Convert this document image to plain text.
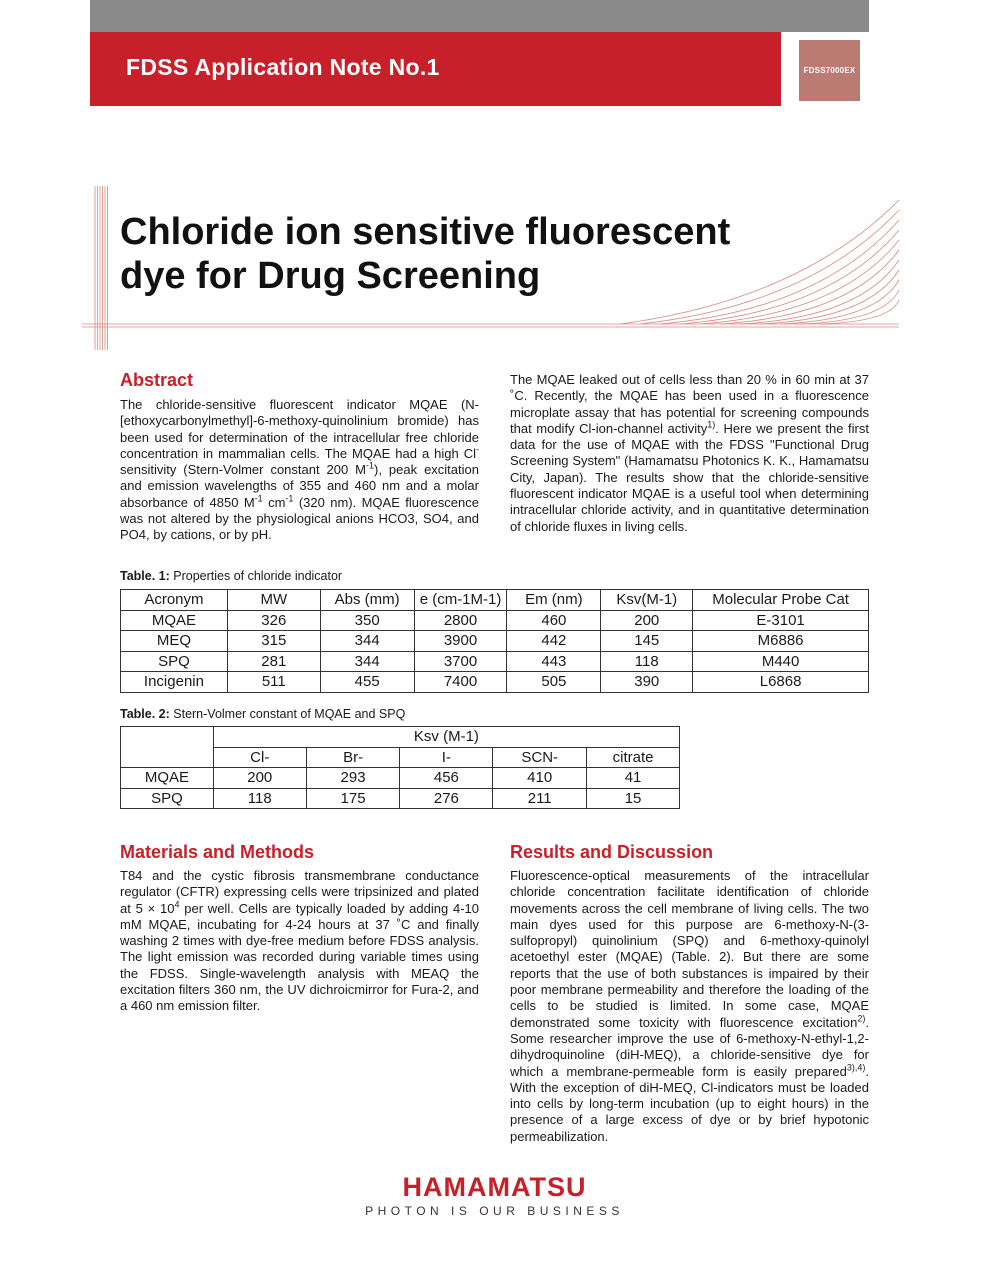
FDSS Application Note No.1	FDSS7000EX
Chloride ion sensitive fluorescent
dye for Drug Screening
Abstract

The chloride-sensitive fluorescent indicator MQAE (N-[ethoxycarbonylmethyl]-6-methoxy-quinolinium bromide) has been used for determination of the intracellular free chloride concentration in mammalian cells. The MQAE had a high Cl- sensitivity (Stern-Volmer constant 200 $M^{-1}$), peak excitation and emission wavelengths of 355 and 460 nm and a molar absorbance of 4850 $M^{-1}$ $cm^{-1}$ (320 nm). MQAE fluorescence was not altered by the physiological anions HCO3, SO4, and PO4, by cations, or by pH.

The MQAE leaked out of cells less than 20 % in 60 min at 37 ˚C. Recently, the MQAE has been used in a fluorescence microplate assay that has potential for screening compounds that modify Cl-ion-channel activity$^{1)}$. Here we present the first data for the use of MQAE with the FDSS "Functional Drug Screening System" (Hamamatsu Photonics K. K., Hamamatsu City, Japan). The results show that the chloride-sensitive fluorescent indicator MQAE is a useful tool when determining intracellular chloride activity, and in quantitative determination of chloride fluxes in living cells.

Table. 1: Properties of chloride indicator

Acronym	MW	Abs (mm)	e (cm-1M-1)	Em (nm)	Ksv(M-1)	Molecular Probe Cat
MQAE	326	350	2800	460	200	E-3101
MEQ	315	344	3900	442	145	M6886
SPQ	281	344	3700	443	118	M440
Incigenin	511	455	7400	505	390	L6868

Table. 2: Stern-Volmer constant of MQAE and SPQ

	Ksv (M-1)				
	Cl-	Br-	I-	SCN-	citrate
MQAE	200	293	456	410	41
SPQ	118	175	276	211	15
Materials and Methods

T84 and the cystic fibrosis transmembrane conductance regulator (CFTR) expressing cells were tripsinized and plated at $5 \times 10^4$ per well. Cells are typically loaded by adding 4-10 mM MQAE, incubating for 4-24 hours at 37 ˚C and finally washing 2 times with dye-free medium before FDSS analysis. The light emission was recorded during variable times using the FDSS. Single-wavelength analysis with MEAQ the excitation filters 360 nm, the UV dichroicmirror for Fura-2, and a 460 nm emission filter.

Results and Discussion

Fluorescence-optical measurements of the intracellular chloride concentration facilitate identification of chloride movements across the cell membrane of living cells. The two main dyes used for this purpose are 6-methoxy-N-(3-sulfopropyl) quinolinium (SPQ) and 6-methoxy-quinolyl acetoethyl ester (MQAE) (Table. 2). But there are some reports that the use of both substances is impaired by their poor membrane permeability and therefore the loading of the cells to be studied is limited. In some case, MQAE demonstrated some toxicity with fluorescence excitation$^{2)}$. Some researcher improve the use of 6-methoxy-N-ethyl-1,2-dihydroquinoline (diH-MEQ), a chloride-sensitive dye for which a membrane-permeable form is easily prepared$^{3),4)}$. With the exception of diH-MEQ, Cl-indicators must be loaded into cells by long-term incubation (up to eight hours) in the presence of a large excess of dye or by brief hypotonic permeabilization.

HAMAMATSU
PHOTON IS OUR BUSINESS
